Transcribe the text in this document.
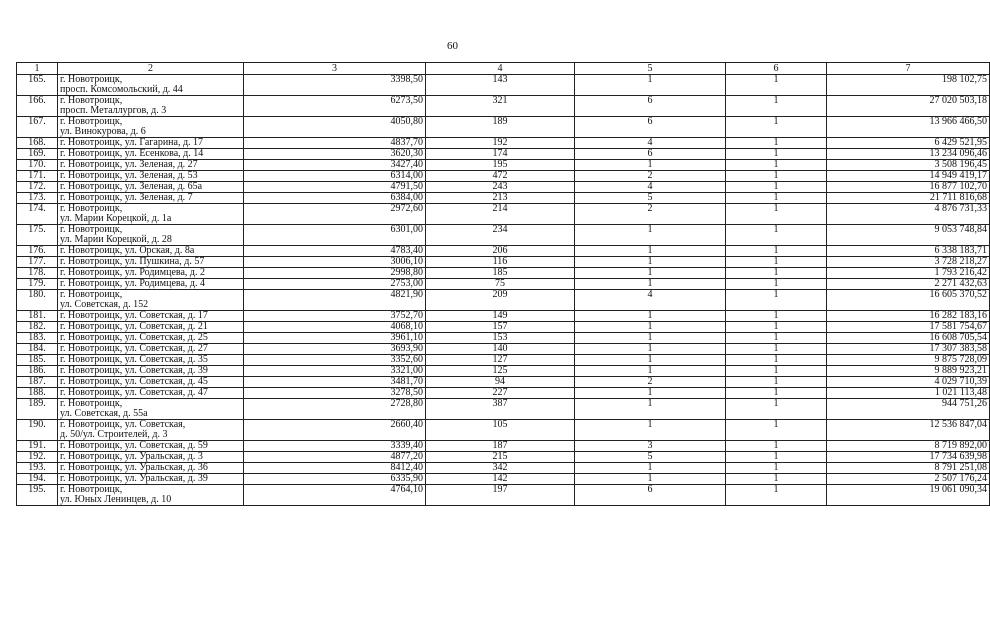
60
1	2	3	4	5	6	7
165.	г. Новотроицк,
просп. Комсомольский, д. 44	3398,50	143	1	1	198 102,75
166.	г. Новотроицк,
просп. Металлургов, д. 3	6273,50	321	6	1	27 020 503,18
167.	г. Новотроицк,
ул. Винокурова, д. 6	4050,80	189	6	1	13 966 466,50
168.	г. Новотроицк, ул. Гагарина, д. 17	4837,70	192	4	1	6 429 521,95
169.	г. Новотроицк, ул. Есенкова, д. 14	3620,30	174	6	1	13 234 096,46
170.	г. Новотроицк, ул. Зеленая, д. 27	3427,40	195	1	1	3 508 196,45
171.	г. Новотроицк, ул. Зеленая, д. 53	6314,00	472	2	1	14 949 419,17
172.	г. Новотроицк, ул. Зеленая, д. 65а	4791,50	243	4	1	16 877 102,70
173.	г. Новотроицк, ул. Зеленая, д. 7	6384,00	213	5	1	21 711 816,68
174.	г. Новотроицк,
ул. Марии Корецкой, д. 1а	2972,60	214	2	1	4 876 731,33
175.	г. Новотроицк,
ул. Марии Корецкой, д. 28	6301,00	234	1	1	9 053 748,84
176.	г. Новотроицк, ул. Орская, д. 8а	4783,40	206	1	1	6 338 183,71
177.	г. Новотроицк, ул. Пушкина, д. 57	3006,10	116	1	1	3 728 218,27
178.	г. Новотроицк, ул. Родимцева, д. 2	2998,80	185	1	1	1 793 216,42
179.	г. Новотроицк, ул. Родимцева, д. 4	2753,00	75	1	1	2 271 432,63
180.	г. Новотроицк,
ул. Советская, д. 152	4821,90	209	4	1	16 605 370,52
181.	г. Новотроицк, ул. Советская, д. 17	3752,70	149	1	1	16 282 183,16
182.	г. Новотроицк, ул. Советская, д. 21	4068,10	157	1	1	17 581 754,67
183.	г. Новотроицк, ул. Советская, д. 25	3961,10	153	1	1	16 608 705,54
184.	г. Новотроицк, ул. Советская, д. 27	3693,90	140	1	1	17 307 383,58
185.	г. Новотроицк, ул. Советская, д. 35	3352,60	127	1	1	9 875 728,09
186.	г. Новотроицк, ул. Советская, д. 39	3321,00	125	1	1	9 889 923,21
187.	г. Новотроицк, ул. Советская, д. 45	3481,70	94	2	1	4 029 710,39
188.	г. Новотроицк, ул. Советская, д. 47	3278,50	227	1	1	1 021 113,48
189.	г. Новотроицк,
ул. Советская, д. 55а	2728,80	387	1	1	944 751,26
190.	г. Новотроицк, ул. Советская,
д. 50/ул. Строителей, д. 3	2660,40	105	1	1	12 536 847,04
191.	г. Новотроицк, ул. Советская, д. 59	3339,40	187	3	1	8 719 892,00
192.	г. Новотроицк, ул. Уральская, д. 3	4877,20	215	5	1	17 734 639,98
193.	г. Новотроицк, ул. Уральская, д. 36	8412,40	342	1	1	8 791 251,08
194.	г. Новотроицк, ул. Уральская, д. 39	6335,90	142	1	1	2 507 176,24
195.	г. Новотроицк,
ул. Юных Ленинцев, д. 10	4764,10	197	6	1	19 061 090,34
